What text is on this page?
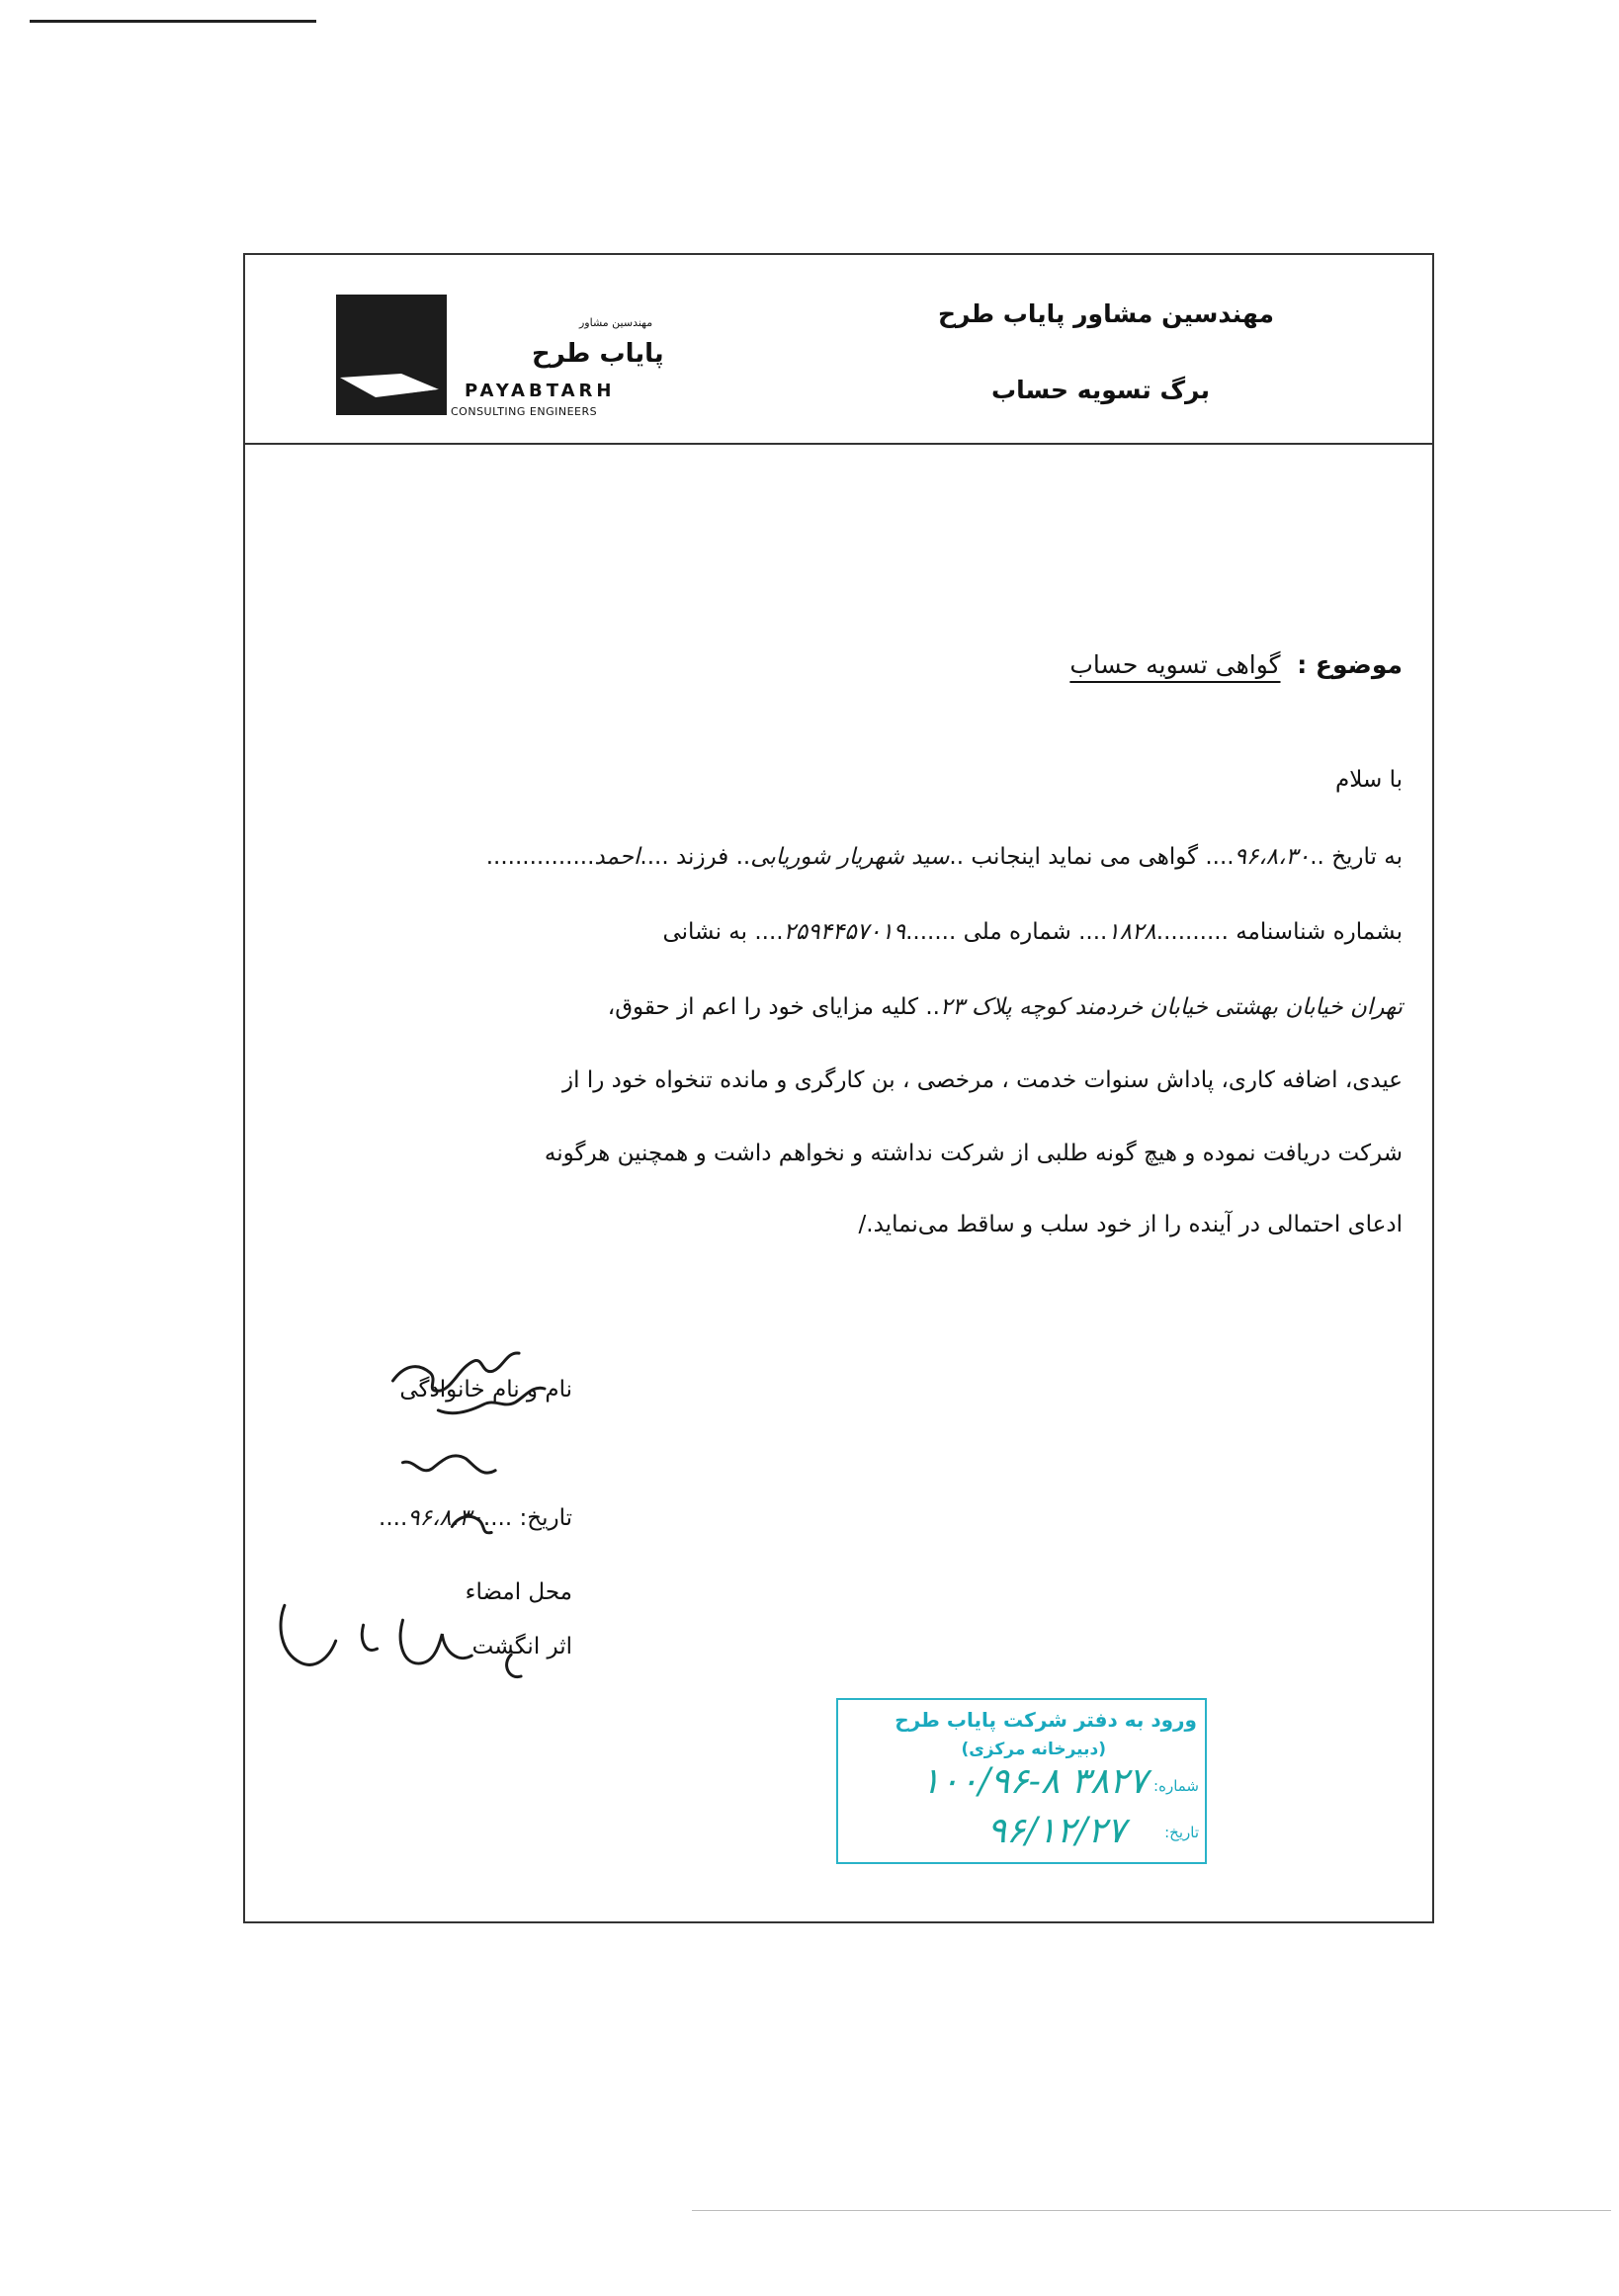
مهندسین مشاور پایاب طرح
برگ تسویه حساب
مهندسین مشاور
پایاب طرح
PAYABTARH
CONSULTING ENGINEERS
موضوع : گواهی تسویه حساب
با سلام
به تاریخ ..۹۶،۸،۳۰.... گواهی می نماید اینجانب ..سید شهریار شوریابی.. فرزند ....احمد...............
بشماره شناسنامه ..........۱۸۲۸.... شماره ملی .......۲۵۹۴۴۵۷۰۱۹.... به نشانی
تهران خیابان بهشتی خیابان خردمند کوچه پلاک ۲۳.. کلیه مزایای خود را اعم از حقوق،
عیدی، اضافه کاری، پاداش سنوات خدمت ، مرخصی ، بن کارگری و مانده تنخواه خود را از
شرکت دریافت نموده و هیچ گونه طلبی از شرکت نداشته و نخواهم داشت و همچنین هرگونه
ادعای احتمالی در آینده را از خود سلب و ساقط می‌نماید./
نام و نام خانوادگی
تاریخ: ....۹۶،۸،۳۰....
محل امضاء
اثر انگشت
ورود به دفتر شرکت پایاب طرح
(دبیرخانه مرکزی)
شماره:
۱۰۰/۹۶-۸ ۳۸۲۷
تاریخ:
۹۶/۱۲/۲۷
